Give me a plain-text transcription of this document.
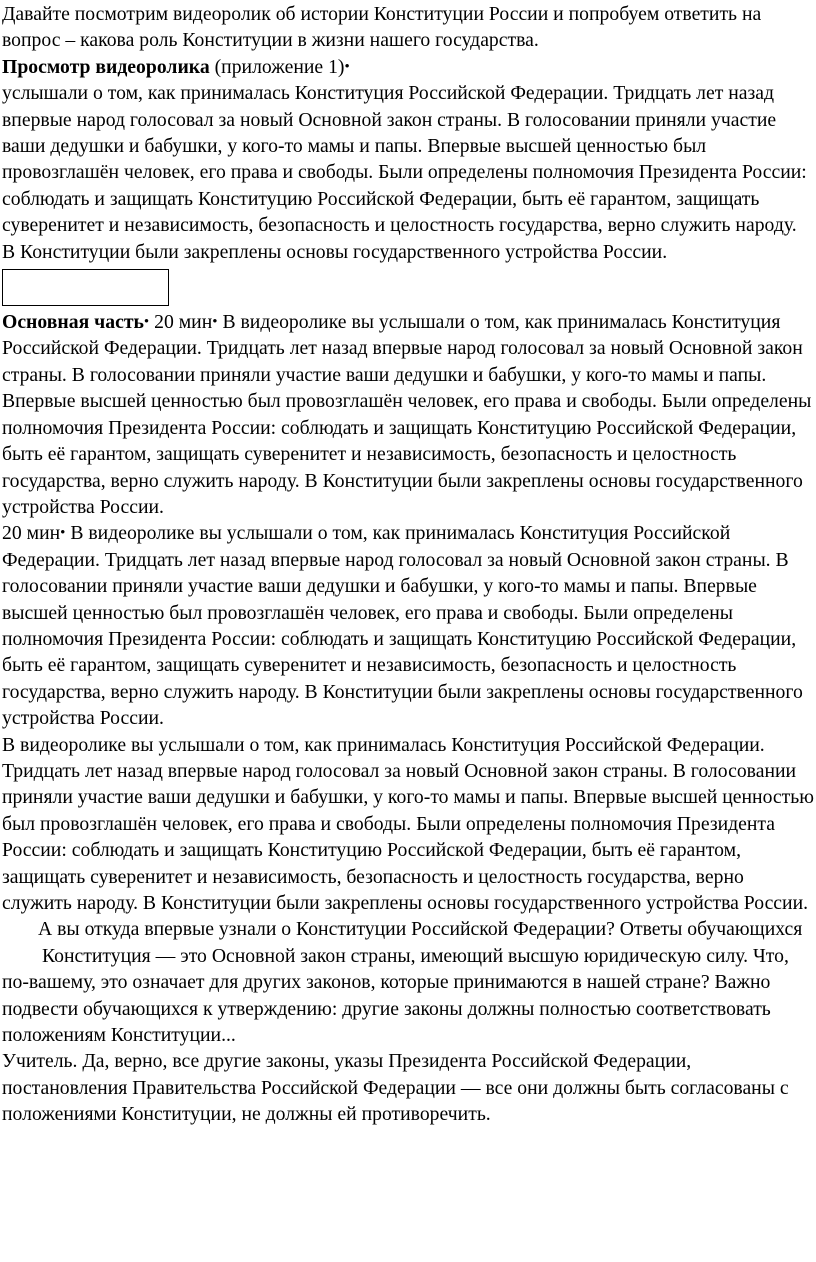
Давайте посмотрим видеоролик об истории Конституции России и попробуем ответить на вопрос – какова роль Конституции в жизни нашего государства.

Просмотр видеоролика (приложение 1)•

услышали о том, как принималась Конституция Российской Федерации. Тридцать лет назад впервые народ голосовал за новый Основной закон страны. В голосовании приняли участие ваши дедушки и бабушки, у кого-то мамы и папы. Впервые высшей ценностью был провозглашён человек, его права и свободы. Были определены полномочия Президента России: соблюдать и защищать Конституцию Российской Федерации, быть её гарантом, защищать суверенитет и независимость, безопасность и целостность государства, верно служить народу. В Конституции были закреплены основы государственного устройства России.

Основная часть• 20 мин• В видеоролике вы услышали о том, как принималась Конституция Российской Федерации. Тридцать лет назад впервые народ голосовал за новый Основной закон страны. В голосовании приняли участие ваши дедушки и бабушки, у кого-то мамы и папы. Впервые высшей ценностью был провозглашён человек, его права и свободы. Были определены полномочия Президента России: соблюдать и защищать Конституцию Российской Федерации, быть её гарантом, защищать суверенитет и независимость, безопасность и целостность государства, верно служить народу. В Конституции были закреплены основы государственного устройства России.

20 мин• В видеоролике вы услышали о том, как принималась Конституция Российской Федерации. Тридцать лет назад впервые народ голосовал за новый Основной закон страны. В голосовании приняли участие ваши дедушки и бабушки, у кого-то мамы и папы. Впервые высшей ценностью был провозглашён человек, его права и свободы. Были определены полномочия Президента России: соблюдать и защищать Конституцию Российской Федерации, быть её гарантом, защищать суверенитет и независимость, безопасность и целостность государства, верно служить народу. В Конституции были закреплены основы государственного устройства России.

В видеоролике вы услышали о том, как принималась Конституция Российской Федерации. Тридцать лет назад впервые народ голосовал за новый Основной закон страны. В голосовании приняли участие ваши дедушки и бабушки, у кого-то мамы и папы. Впервые высшей ценностью был провозглашён человек, его права и свободы. Были определены полномочия Президента России: соблюдать и защищать Конституцию Российской Федерации, быть её гарантом, защищать суверенитет и независимость, безопасность и целостность государства, верно служить народу. В Конституции были закреплены основы государственного устройства России.

А вы откуда впервые узнали о Конституции Российской Федерации? Ответы обучающихся

Конституция — это Основной закон страны, имеющий высшую юридическую силу. Что, по-вашему, это означает для других законов, которые принимаются в нашей стране? Важно подвести обучающихся к утверждению: другие законы должны полностью соответствовать положениям Конституции...

Учитель. Да, верно, все другие законы, указы Президента Российской Федерации, постановления Правительства Российской Федерации — все они должны быть согласованы с положениями Конституции, не должны ей противоречить.
